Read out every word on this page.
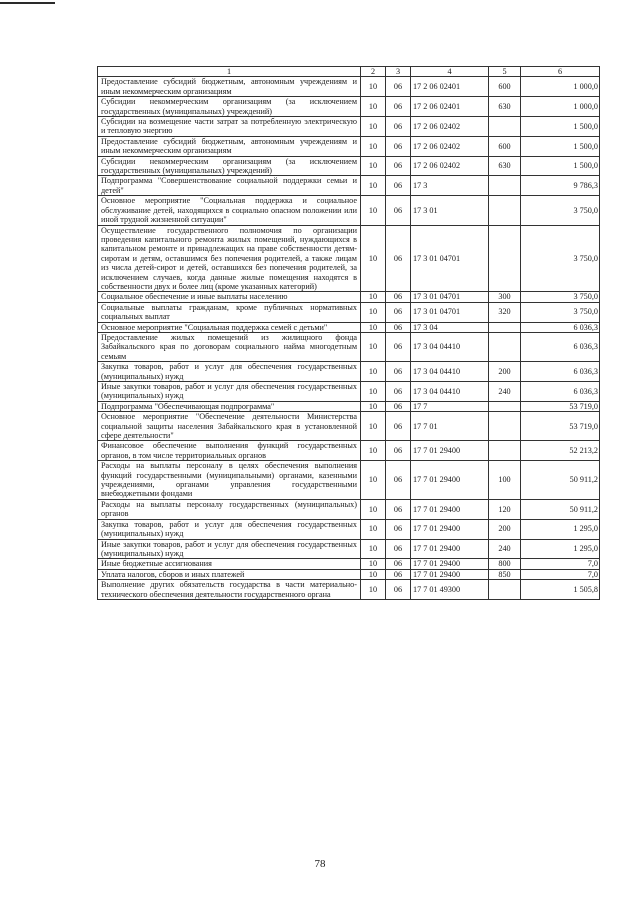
1	2	3	4	5	6
Предоставление субсидий бюджетным, автономным учреждениям и иным некоммерческим организациям	10	06	17 2 06 02401	600	1 000,0
Субсидии некоммерческим организациям (за исключением государственных (муниципальных) учреждений)	10	06	17 2 06 02401	630	1 000,0
Субсидии на возмещение части затрат за потребленную электрическую и тепловую энергию	10	06	17 2 06 02402		1 500,0
Предоставление субсидий бюджетным, автономным учреждениям и иным некоммерческим организациям	10	06	17 2 06 02402	600	1 500,0
Субсидии некоммерческим организациям (за исключением государственных (муниципальных) учреждений)	10	06	17 2 06 02402	630	1 500,0
Подпрограмма "Совершенствование социальной поддержки семьи и детей"	10	06	17 3		9 786,3
Основное мероприятие "Социальная поддержка и социальное обслуживание детей, находящихся в социально опасном положении или иной трудной жизненной ситуации"	10	06	17 3 01		3 750,0
Осуществление государственного полномочия по организации проведения капитального ремонта жилых помещений, нуждающихся в капитальном ремонте и принадлежащих на праве собственности детям-сиротам и детям, оставшимся без попечения родителей, а также лицам из числа детей-сирот и детей, оставшихся без попечения родителей, за исключением случаев, когда данные жилые помещения находятся в собственности двух и более лиц (кроме указанных категорий)	10	06	17 3 01 04701		3 750,0
Социальное обеспечение и иные выплаты населению	10	06	17 3 01 04701	300	3 750,0
Социальные выплаты гражданам, кроме публичных нормативных социальных выплат	10	06	17 3 01 04701	320	3 750,0
Основное мероприятие "Социальная поддержка семей с детьми"	10	06	17 3 04		6 036,3
Предоставление жилых помещений из жилищного фонда Забайкальского края по договорам социального найма многодетным семьям	10	06	17 3 04 04410		6 036,3
Закупка товаров, работ и услуг для обеспечения государственных (муниципальных) нужд	10	06	17 3 04 04410	200	6 036,3
Иные закупки товаров, работ и услуг для обеспечения государственных (муниципальных) нужд	10	06	17 3 04 04410	240	6 036,3
Подпрограмма "Обеспечивающая подпрограмма"	10	06	17 7		53 719,0
Основное мероприятие "Обеспечение деятельности Министерства социальной защиты населения Забайкальского края в установленной сфере деятельности"	10	06	17 7 01		53 719,0
Финансовое обеспечение выполнения функций государственных органов, в том числе территориальных органов	10	06	17 7 01 29400		52 213,2
Расходы на выплаты персоналу в целях обеспечения выполнения функций государственными (муниципальными) органами, казенными учреждениями, органами управления государственными внебюджетными фондами	10	06	17 7 01 29400	100	50 911,2
Расходы на выплаты персоналу государственных (муниципальных) органов	10	06	17 7 01 29400	120	50 911,2
Закупка товаров, работ и услуг для обеспечения государственных (муниципальных) нужд	10	06	17 7 01 29400	200	1 295,0
Иные закупки товаров, работ и услуг для обеспечения государственных (муниципальных) нужд	10	06	17 7 01 29400	240	1 295,0
Иные бюджетные ассигнования	10	06	17 7 01 29400	800	7,0
Уплата налогов, сборов и иных платежей	10	06	17 7 01 29400	850	7,0
Выполнение других обязательств государства в части материально-технического обеспечения деятельности государственного органа	10	06	17 7 01 49300		1 505,8
78
